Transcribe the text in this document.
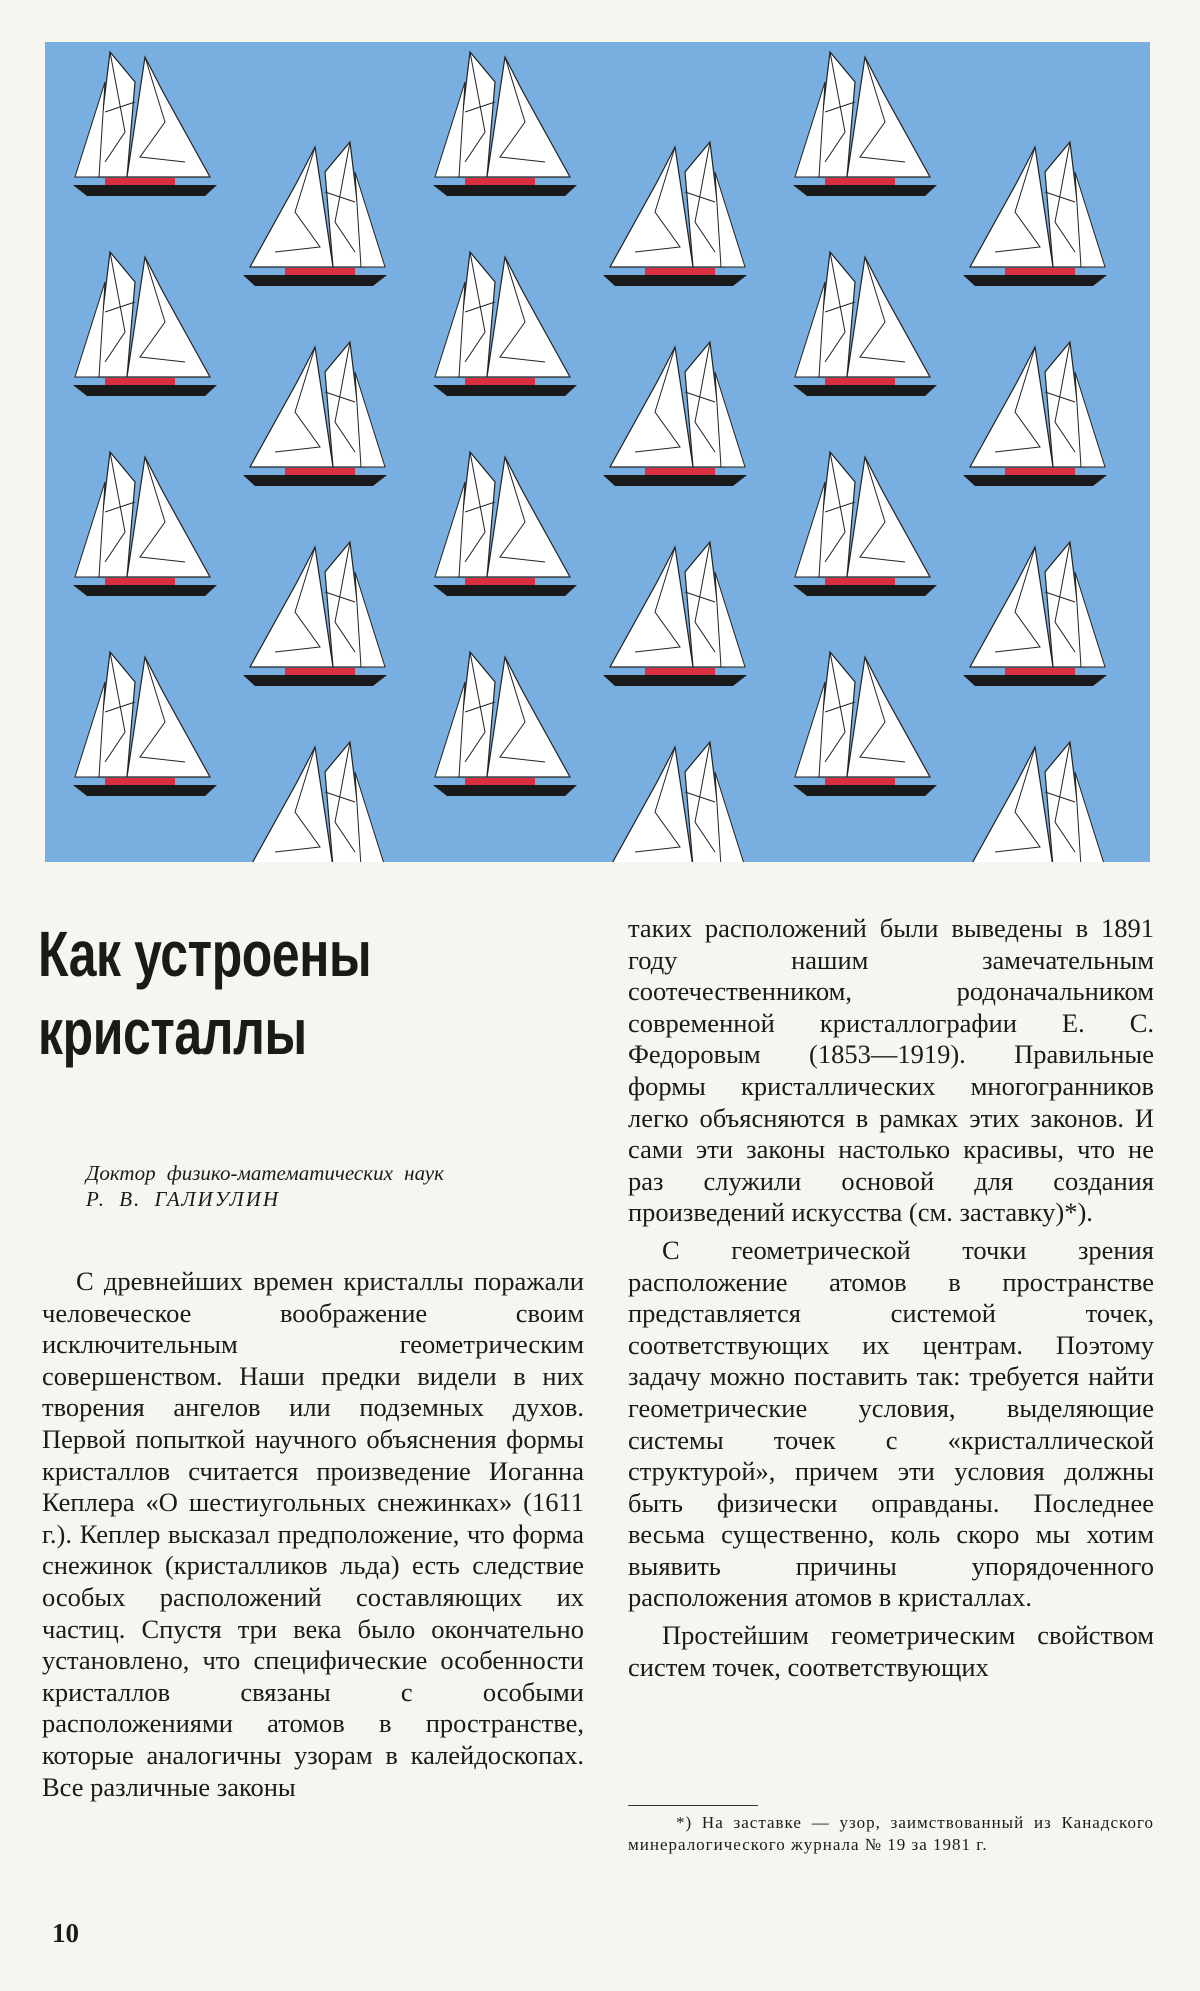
Как устроены
кристаллы
Доктор физико-математических наук
Р. В. ГАЛИУЛИН

С древнейших времен кристаллы поражали человеческое воображение своим исключительным геометрическим совершенством. Наши предки видели в них творения ангелов или подземных духов. Первой попыткой научного объяснения формы кристаллов считается произведение Иоганна Кеплера «О шестиугольных снежинках» (1611 г.). Кеплер высказал предположение, что форма снежинок (кристалликов льда) есть следствие особых расположений составляющих их частиц. Спустя три века было окончательно установлено, что специфические особенности кристаллов связаны с особыми расположениями атомов в пространстве, которые аналогичны узорам в калейдоскопах. Все различные законы

таких расположений были выведены в 1891 году нашим замечательным соотечественником, родоначальником современной кристаллографии Е. С. Федоровым (1853—1919). Правильные формы кристаллических многогранников легко объясняются в рамках этих законов. И сами эти законы настолько красивы, что не раз служили основой для создания произведений искусства (см. заставку)*).

С геометрической точки зрения расположение атомов в пространстве представляется системой точек, соответствующих их центрам. Поэтому задачу можно поставить так: требуется найти геометрические условия, выделяющие системы точек с «кристаллической структурой», причем эти условия должны быть физически оправданы. Последнее весьма существенно, коль скоро мы хотим выявить причины упорядоченного расположения атомов в кристаллах.

Простейшим геометрическим свойством систем точек, соответствующих

*) На заставке — узор, заимствованный из Канадского минералогического журнала № 19 за 1981 г.
10
